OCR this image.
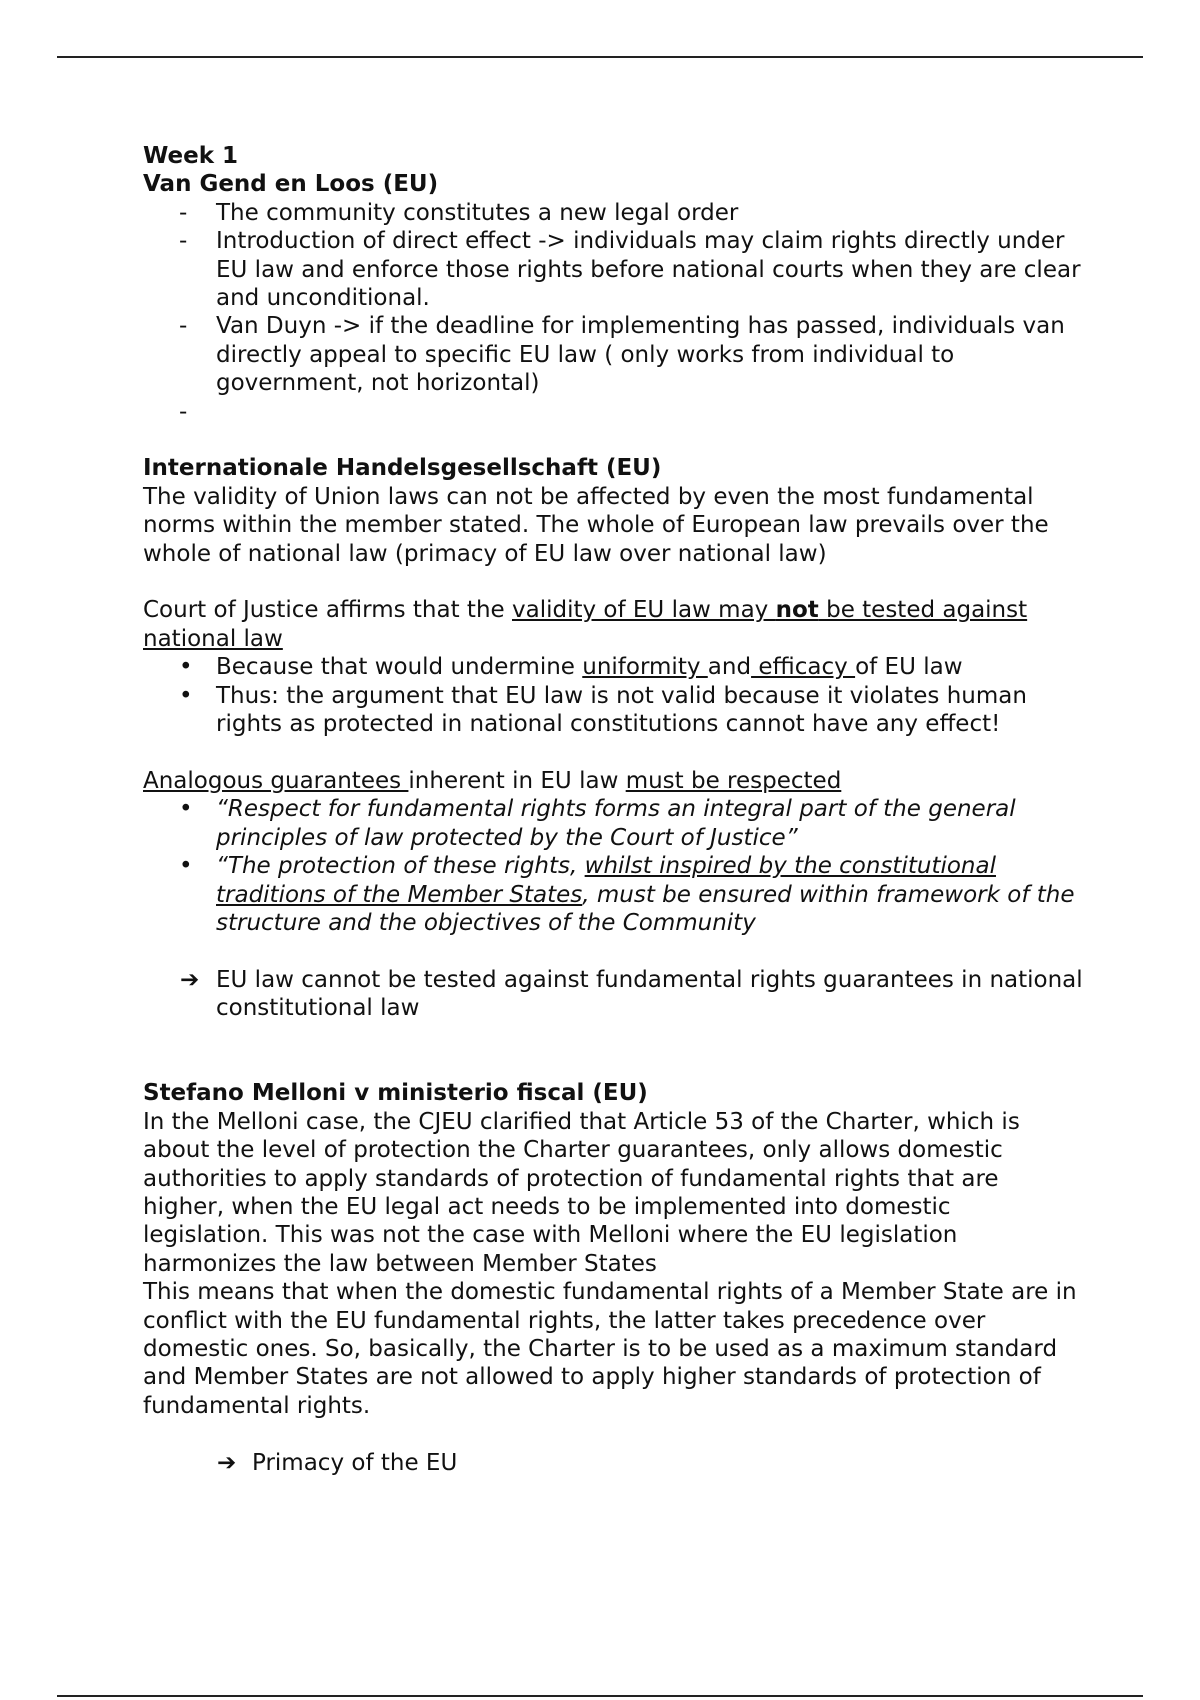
Week 1

Van Gend en Loos (EU)

- The community constitutes a new legal order
- Introduction of direct effect -> individuals may claim rights directly under EU law and enforce those rights before national courts when they are clear and unconditional.
- Van Duyn -> if the deadline for implementing has passed, individuals van directly appeal to specific EU law ( only works from individual to government, not horizontal)
-

Internationale Handelsgesellschaft (EU)

The validity of Union laws can not be affected by even the most fundamental norms within the member stated. The whole of European law prevails over the whole of national law (primacy of EU law over national law)

Court of Justice affirms that the validity of EU law may not be tested against national law

• Because that would undermine uniformity and efficacy of EU law
• Thus: the argument that EU law is not valid because it violates human rights as protected in national constitutions cannot have any effect!

Analogous guarantees inherent in EU law must be respected

• “Respect for fundamental rights forms an integral part of the general principles of law protected by the Court of Justice”
• “The protection of these rights, whilst inspired by the constitutional traditions of the Member States, must be ensured within framework of the structure and the objectives of the Community
➔ EU law cannot be tested against fundamental rights guarantees in national constitutional law

Stefano Melloni v ministerio fiscal (EU)

In the Melloni case, the CJEU clarified that Article 53 of the Charter, which is about the level of protection the Charter guarantees, only allows domestic authorities to apply standards of protection of fundamental rights that are higher, when the EU legal act needs to be implemented into domestic legislation. This was not the case with Melloni where the EU legislation harmonizes the law between Member States

This means that when the domestic fundamental rights of a Member State are in conflict with the EU fundamental rights, the latter takes precedence over domestic ones. So, basically, the Charter is to be used as a maximum standard and Member States are not allowed to apply higher standards of protection of fundamental rights.

➔ Primacy of the EU
